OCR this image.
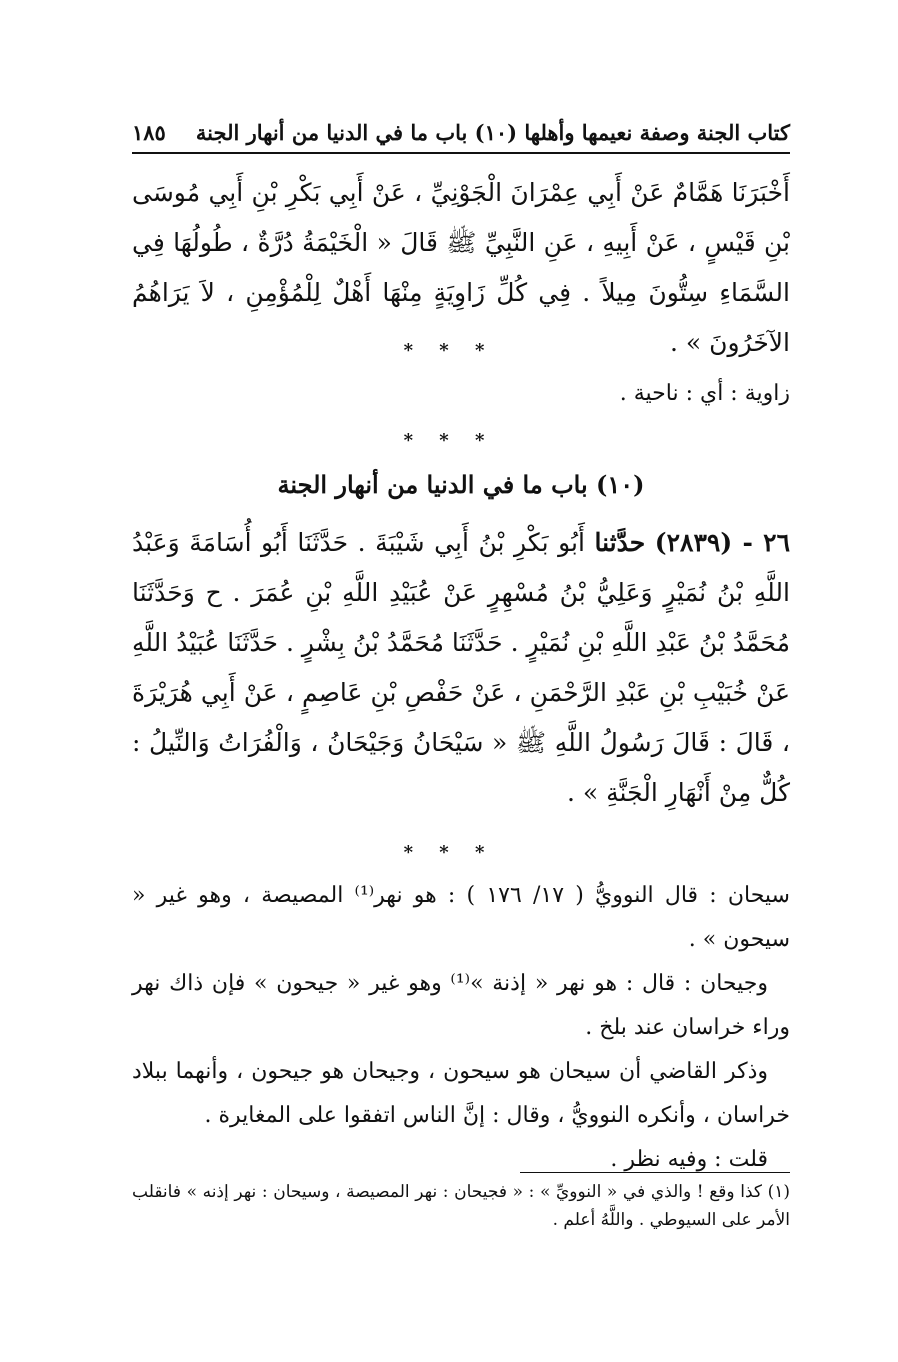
كتاب الجنة وصفة نعيمها وأهلها (١٠) باب ما في الدنيا من أنهار الجنة
١٨٥
أَخْبَرَنَا هَمَّامٌ عَنْ أَبِي عِمْرَانَ الْجَوْنِيِّ ، عَنْ أَبِي بَكْرِ بْنِ أَبِي مُوسَى بْنِ قَيْسٍ ، عَنْ أَبِيهِ ، عَنِ النَّبِيِّ ﷺ قَالَ « الْخَيْمَةُ دُرَّةٌ ، طُولُهَا فِي السَّمَاءِ سِتُّونَ مِيلاً . فِي كُلِّ زَاوِيَةٍ مِنْهَا أَهْلٌ لِلْمُؤْمِنِ ، لاَ يَرَاهُمُ الآخَرُونَ » .
* * *
زاوية : أي : ناحية .
* * *
(١٠) باب ما في الدنيا من أنهار الجنة
٢٦ - (٢٨٣٩) حدَّثنا أَبُو بَكْرِ بْنُ أَبِي شَيْبَةَ . حَدَّثَنَا أَبُو أُسَامَةَ وَعَبْدُ اللَّهِ بْنُ نُمَيْرٍ وَعَلِيُّ بْنُ مُسْهِرٍ عَنْ عُبَيْدِ اللَّهِ بْنِ عُمَرَ . ح وَحَدَّثَنَا مُحَمَّدُ بْنُ عَبْدِ اللَّهِ بْنِ نُمَيْرٍ . حَدَّثَنَا مُحَمَّدُ بْنُ بِشْرٍ . حَدَّثَنَا عُبَيْدُ اللَّهِ عَنْ خُبَيْبِ بْنِ عَبْدِ الرَّحْمَنِ ، عَنْ حَفْصِ بْنِ عَاصِمٍ ، عَنْ أَبِي هُرَيْرَةَ ، قَالَ : قَالَ رَسُولُ اللَّهِ ﷺ « سَيْحَانُ وَجَيْحَانُ ، وَالْفُرَاتُ وَالنِّيلُ : كُلٌّ مِنْ أَنْهَارِ الْجَنَّةِ » .
* * *
سيحان : قال النوويُّ ( ١٧/ ١٧٦ ) : هو نهر⁽¹⁾ المصيصة ، وهو غير « سيحون » .
وجيحان : قال : هو نهر « إذنة »⁽¹⁾ وهو غير « جيحون » فإن ذاك نهر وراء خراسان عند بلخ .
وذكر القاضي أن سيحان هو سيحون ، وجيحان هو جيحون ، وأنهما ببلاد خراسان ، وأنكره النوويُّ ، وقال : إنَّ الناس اتفقوا على المغايرة .
قلت : وفيه نظر .
(١) كذا وقع ! والذي في « النوويِّ » : « فجيحان : نهر المصيصة ، وسيحان : نهر إذنه » فانقلب الأمر على السيوطي . واللَّهُ أعلم .
